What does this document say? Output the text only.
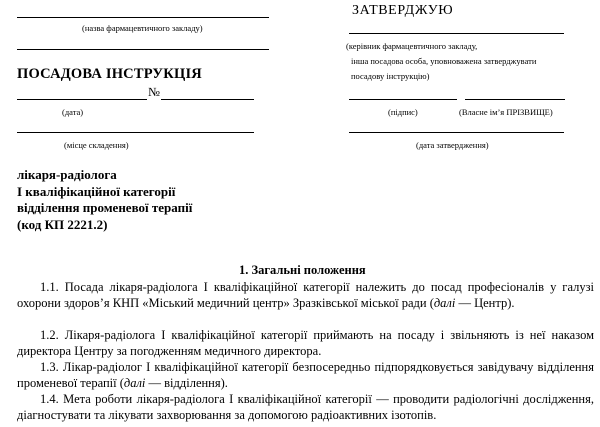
(назва фармацевтичного закладу)
ПОСАДОВА ІНСТРУКЦІЯ
№
(дата)
(місце складення)
ЗАТВЕРДЖУЮ
(керівник фармацевтичного закладу,
інша посадова особа, уповноважена затверджувати
посадову інструкцію)
(підпис)	(Власне ім’я ПРІЗВИЩЕ)
(дата затвердження)
лікаря-радіолога
І кваліфікаційної категорії
відділення променевої терапії
(код КП 2221.2)
1. Загальні положення
1.1. Посада лікаря-радіолога І кваліфікаційної категорії належить до посад професіоналів у галузі охорони здоров’я КНП «Міський медичний центр» Зразківської міської ради (далі — Центр).
1.2. Лікаря-радіолога І кваліфікаційної категорії приймають на посаду і звільняють із неї наказом директора Центру за погодженням медичного директора.
1.3. Лікар-радіолог І кваліфікаційної категорії безпосередньо підпорядковується завідувачу відділення променевої терапії (далі — відділення).
1.4. Мета роботи лікаря-радіолога І кваліфікаційної категорії — проводити радіологічні дослідження, діагностувати та лікувати захворювання за допомогою радіоактивних ізотопів.
